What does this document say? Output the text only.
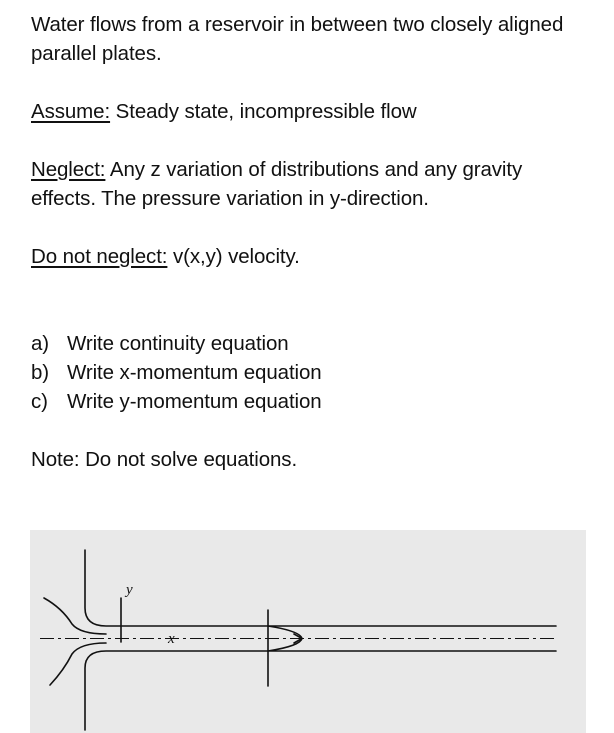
Water flows from a reservoir in between two closely aligned parallel plates.

Assume: Steady state, incompressible flow

Neglect: Any z variation of distributions and any gravity effects. The pressure variation in y-direction.

Do not neglect: v(x,y) velocity.

a) Write continuity equation
b) Write x-momentum equation
c) Write y-momentum equation

Note: Do not solve equations.

y
x
